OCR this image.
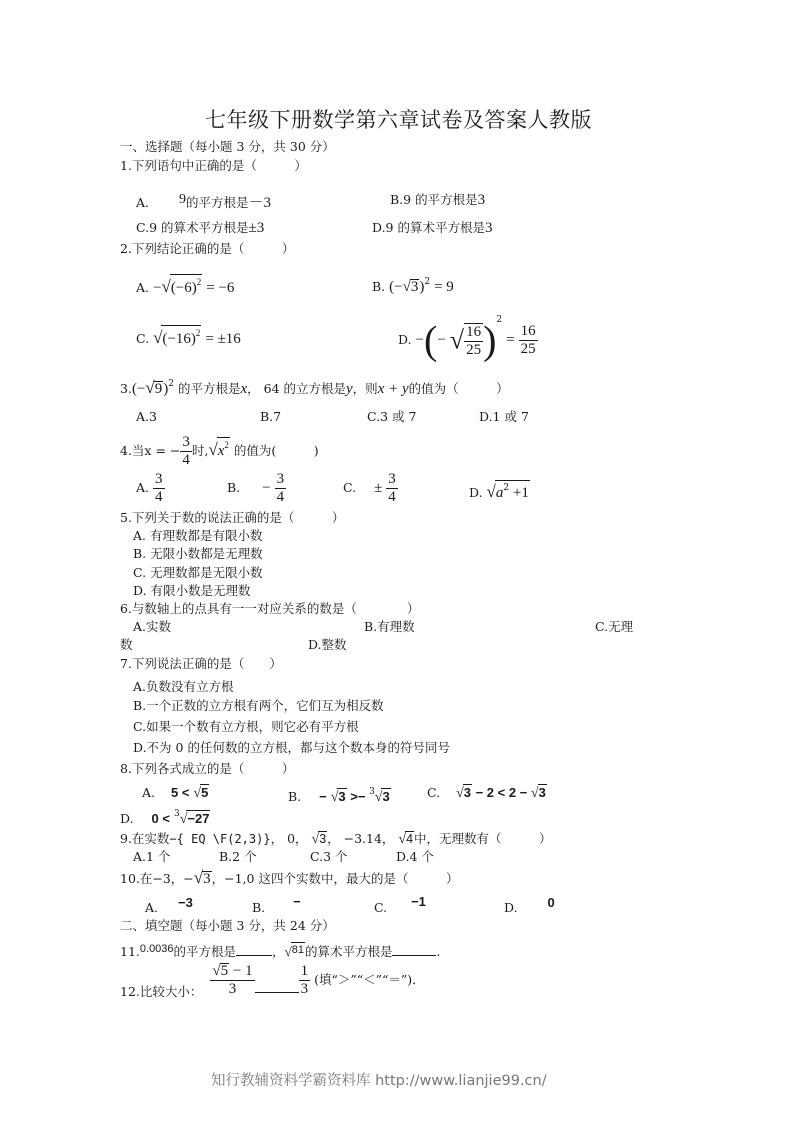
七年级下册数学第六章试卷及答案人教版
一、选择题（每小题 3 分，共 30 分）
1.下列语句中正确的是（　　　）
A. 9的平方根是－3	B.9 的平方根是3
C.9 的算术平方根是±3	D.9 的算术平方根是3
2.下列结论正确的是（　　　）
A. $-√(-6)^2 = -6$	B. $(-√3)^2 = 9$
C. $√(-16)^2 = \pm 16$	D. −(− √ $\frac{16}{25} )^2 = \frac{16}{25}$
$3.(-√9)^2$ 的平方根是x， 64 的立方根是y，则x + y的值为（　　　）
A.3	B.7	C.3 或 7	D.1 或 7
4.当x = − $\frac{3}{4}$ 时$,√x^2$ 的值为(　　　)
A. $\frac{3}{4}$	B. − $\frac{3}{4}$	C. ± $\frac{3}{4}$	D. $√a^2 +1$
5.下列关于数的说法正确的是（　　　）
A. 有理数都是有限小数
B. 无限小数都是无理数
C. 无理数都是无限小数
D. 有限小数是无理数
6.与数轴上的点具有一一对应关系的数是（　　　　）
A.实数	B.有理数	C.无理
数	D.整数
7.下列说法正确的是（　　）
A.负数没有立方根
B.一个正数的立方根有两个，它们互为相反数
C.如果一个数有立方根，则它必有平方根
D.不为 0 的任何数的立方根，都与这个数本身的符号同号
8.下列各式成立的是（　　　）
A. 5 < √5	B. − √3 >− $^3$√3	C. √3 − 2 < 2 − √3
D. 0 < $^3$√−27
9.在实数−{ EQ \F(2,3)}， 0， √3， −3.14， √4中，无理数有（　　　）
A.1 个	B.2 个	C.3 个	D.4 个
10.在−3，−√3，−1,0 这四个实数中，最大的是（　　　）
A. −3	B. −	C. −1	D. 0
二、填空题（每小题 3 分，共 24 分）
11.0.0036的平方根是	，√81的算术平方根是	.
12.比较大小： $\frac{√5 - 1}{3}$	$\frac{1}{3}$ (填“＞”“＜”“＝”)．
知行教辅资料学霸资料库 http://www.lianjie99.cn/
